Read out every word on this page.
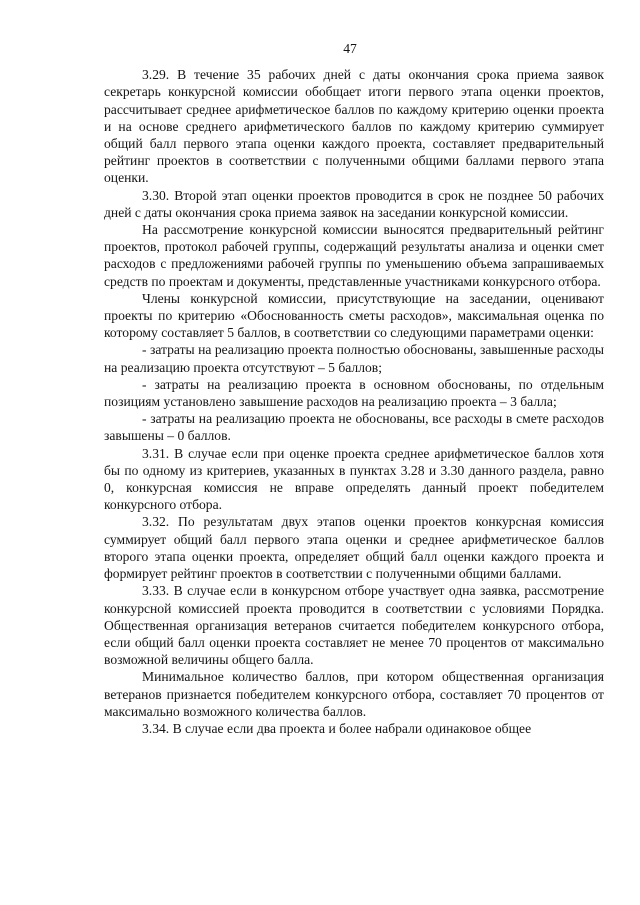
47

3.29. В течение 35 рабочих дней с даты окончания срока приема заявок секретарь конкурсной комиссии обобщает итоги первого этапа оценки проектов, рассчитывает среднее арифметическое баллов по каждому критерию оценки проекта и на основе среднего арифметического баллов по каждому критерию суммирует общий балл первого этапа оценки каждого проекта, составляет предварительный рейтинг проектов в соответствии с полученными общими баллами первого этапа оценки.

3.30. Второй этап оценки проектов проводится в срок не позднее 50 рабочих дней с даты окончания срока приема заявок на заседании конкурсной комиссии.

На рассмотрение конкурсной комиссии выносятся предварительный рейтинг проектов, протокол рабочей группы, содержащий результаты анализа и оценки смет расходов с предложениями рабочей группы по уменьшению объема запрашиваемых средств по проектам и документы, представленные участниками конкурсного отбора.

Члены конкурсной комиссии, присутствующие на заседании, оценивают проекты по критерию «Обоснованность сметы расходов», максимальная оценка по которому составляет 5 баллов, в соответствии со следующими параметрами оценки:

- затраты на реализацию проекта полностью обоснованы, завышенные расходы на реализацию проекта отсутствуют – 5 баллов;

- затраты на реализацию проекта в основном обоснованы, по отдельным позициям установлено завышение расходов на реализацию проекта – 3 балла;

- затраты на реализацию проекта не обоснованы, все расходы в смете расходов завышены – 0 баллов.

3.31. В случае если при оценке проекта среднее арифметическое баллов хотя бы по одному из критериев, указанных в пунктах 3.28 и 3.30 данного раздела, равно 0, конкурсная комиссия не вправе определять данный проект победителем конкурсного отбора.

3.32. По результатам двух этапов оценки проектов конкурсная комиссия суммирует общий балл первого этапа оценки и среднее арифметическое баллов второго этапа оценки проекта, определяет общий балл оценки каждого проекта и формирует рейтинг проектов в соответствии с полученными общими баллами.

3.33. В случае если в конкурсном отборе участвует одна заявка, рассмотрение конкурсной комиссией проекта проводится в соответствии с условиями Порядка. Общественная организация ветеранов считается победителем конкурсного отбора, если общий балл оценки проекта составляет не менее 70 процентов от максимально возможной величины общего балла.

Минимальное количество баллов, при котором общественная организация ветеранов признается победителем конкурсного отбора, составляет 70 процентов от максимально возможного количества баллов.

3.34. В случае если два проекта и более набрали одинаковое общее
